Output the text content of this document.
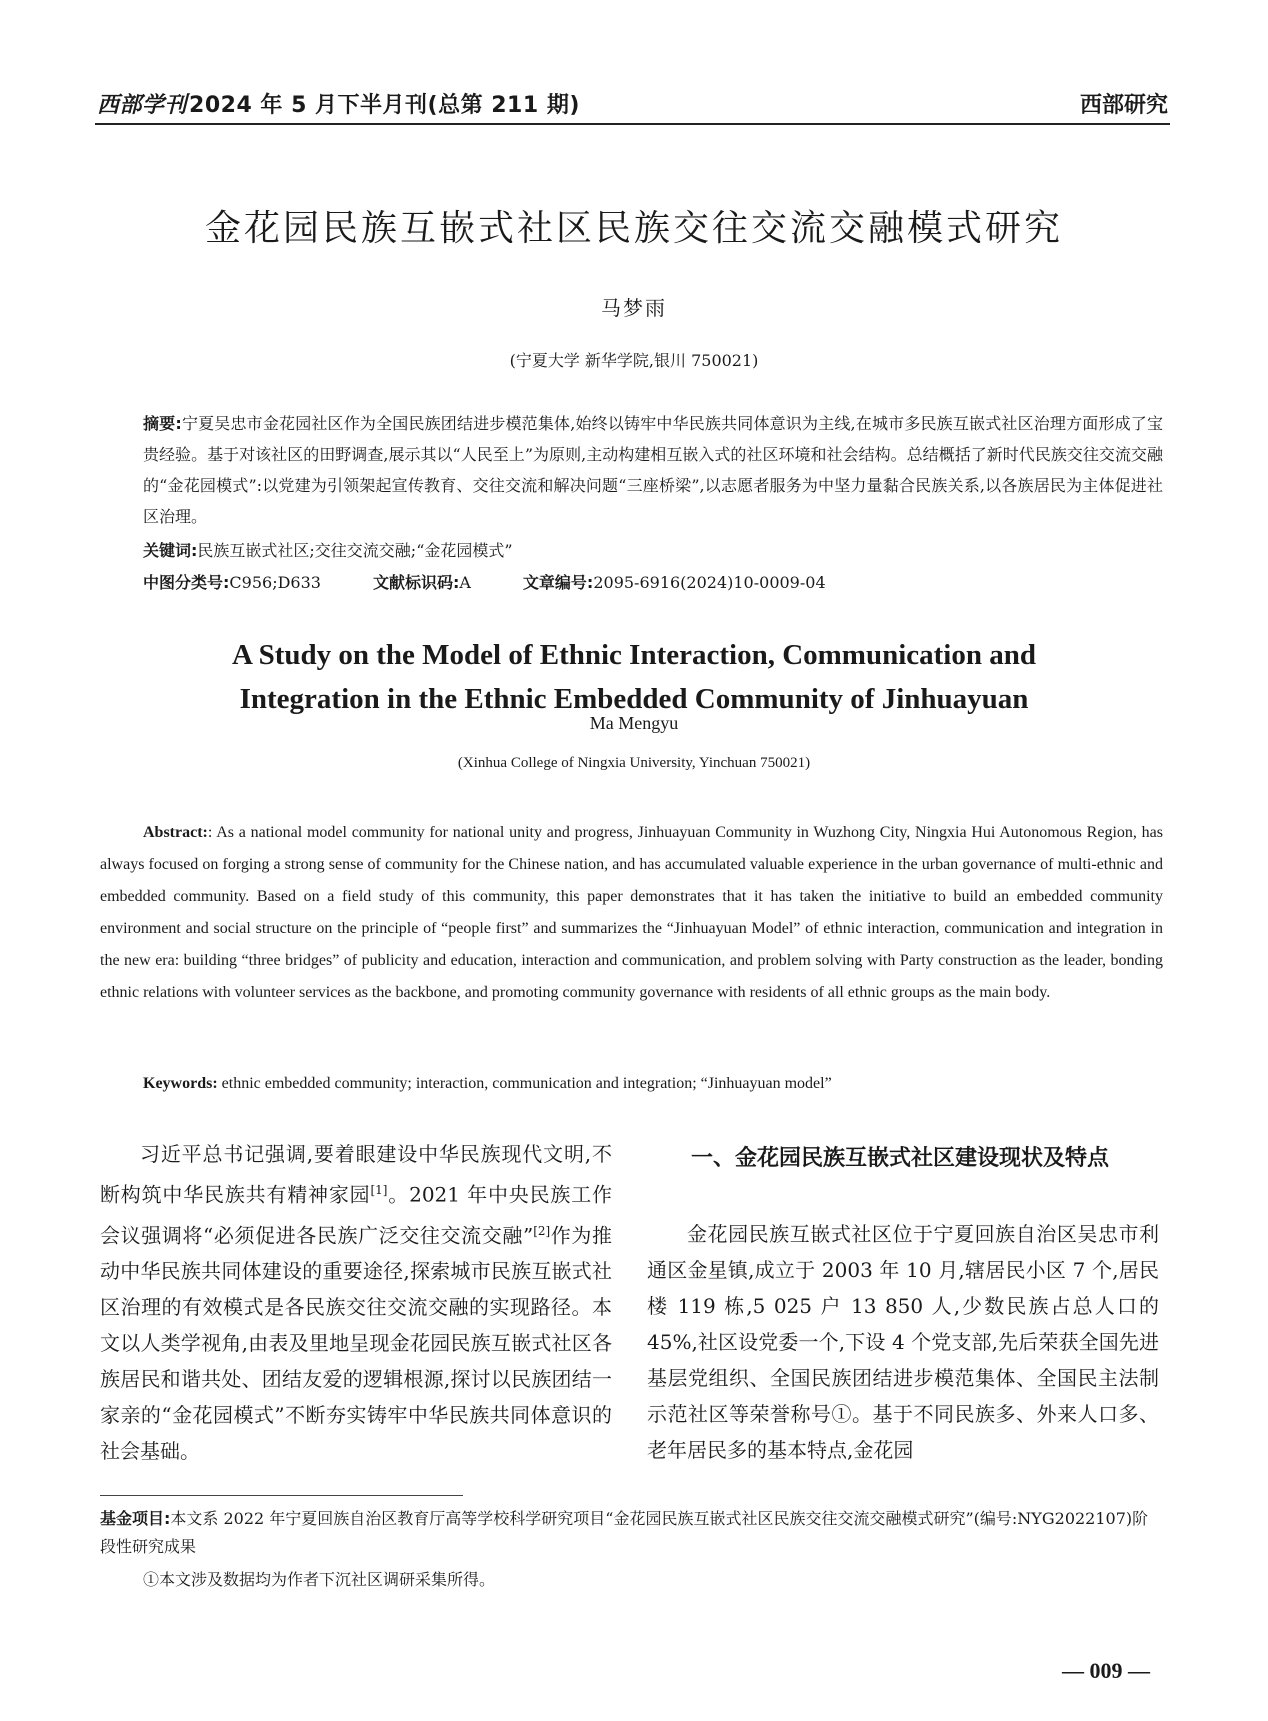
西部学刊2024 年 5 月下半月刊(总第 211 期)	西部研究
金花园民族互嵌式社区民族交往交流交融模式研究
马梦雨
(宁夏大学 新华学院,银川 750021)
摘要:宁夏吴忠市金花园社区作为全国民族团结进步模范集体,始终以铸牢中华民族共同体意识为主线,在城市多民族互嵌式社区治理方面形成了宝贵经验。基于对该社区的田野调查,展示其以“人民至上”为原则,主动构建相互嵌入式的社区环境和社会结构。总结概括了新时代民族交往交流交融的“金花园模式”:以党建为引领架起宣传教育、交往交流和解决问题“三座桥梁”,以志愿者服务为中坚力量黏合民族关系,以各族居民为主体促进社区治理。
关键词:民族互嵌式社区;交往交流交融;“金花园模式”
中图分类号:C956;D633	文献标识码:A	文章编号:2095-6916(2024)10-0009-04
A Study on the Model of Ethnic Interaction, Communication and
Integration in the Ethnic Embedded Community of Jinhuayuan
Ma Mengyu
(Xinhua College of Ningxia University, Yinchuan 750021)
Abstract:: As a national model community for national unity and progress, Jinhuayuan Community in Wuzhong City, Ningxia Hui Autonomous Region, has always focused on forging a strong sense of community for the Chinese nation, and has accumulated valuable experience in the urban governance of multi-ethnic and embedded community. Based on a field study of this community, this paper demonstrates that it has taken the initiative to build an embedded community environment and social structure on the principle of “people first” and summarizes the “Jinhuayuan Model” of ethnic interaction, communication and integration in the new era: building “three bridges” of publicity and education, interaction and communication, and problem solving with Party construction as the leader, bonding ethnic relations with volunteer services as the backbone, and promoting community governance with residents of all ethnic groups as the main body.
Keywords: ethnic embedded community; interaction, communication and integration; “Jinhuayuan model”
习近平总书记强调,要着眼建设中华民族现代文明,不断构筑中华民族共有精神家园[1]。2021 年中央民族工作会议强调将“必须促进各民族广泛交往交流交融”[2]作为推动中华民族共同体建设的重要途径,探索城市民族互嵌式社区治理的有效模式是各民族交往交流交融的实现路径。本文以人类学视角,由表及里地呈现金花园民族互嵌式社区各族居民和谐共处、团结友爱的逻辑根源,探讨以民族团结一家亲的“金花园模式”不断夯实铸牢中华民族共同体意识的社会基础。
一、金花园民族互嵌式社区建设现状及特点
金花园民族互嵌式社区位于宁夏回族自治区吴忠市利通区金星镇,成立于 2003 年 10 月,辖居民小区 7 个,居民楼 119 栋,5 025 户 13 850 人,少数民族占总人口的 45%,社区设党委一个,下设 4 个党支部,先后荣获全国先进基层党组织、全国民族团结进步模范集体、全国民主法制示范社区等荣誉称号①。基于不同民族多、外来人口多、老年居民多的基本特点,金花园
基金项目:本文系 2022 年宁夏回族自治区教育厅高等学校科学研究项目“金花园民族互嵌式社区民族交往交流交融模式研究”(编号:NYG2022107)阶段性研究成果
①本文涉及数据均为作者下沉社区调研采集所得。
— 009 —
